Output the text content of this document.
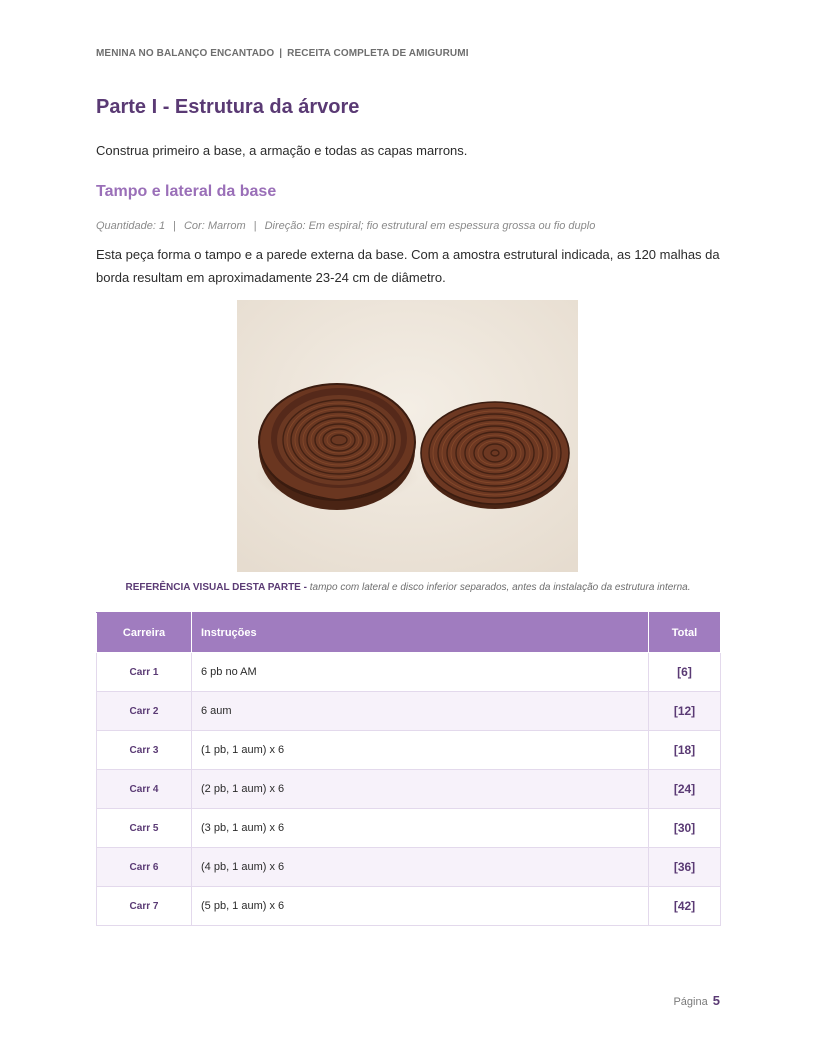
MENINA NO BALANÇO ENCANTADO | RECEITA COMPLETA DE AMIGURUMI
Parte I - Estrutura da árvore

Construa primeiro a base, a armação e todas as capas marrons.

Tampo e lateral da base

Quantidade: 1 | Cor: Marrom | Direção: Em espiral; fio estrutural em espessura grossa ou fio duplo

Esta peça forma o tampo e a parede externa da base. Com a amostra estrutural indicada, as 120 malhas da borda resultam em aproximadamente 23-24 cm de diâmetro.

REFERÊNCIA VISUAL DESTA PARTE - tampo com lateral e disco inferior separados, antes da instalação da estrutura interna.

Carreira	Instruções	Total
Carr 1	6 pb no AM	[6]
Carr 2	6 aum	[12]
Carr 3	(1 pb, 1 aum) x 6	[18]
Carr 4	(2 pb, 1 aum) x 6	[24]
Carr 5	(3 pb, 1 aum) x 6	[30]
Carr 6	(4 pb, 1 aum) x 6	[36]
Carr 7	(5 pb, 1 aum) x 6	[42]
Página 5
